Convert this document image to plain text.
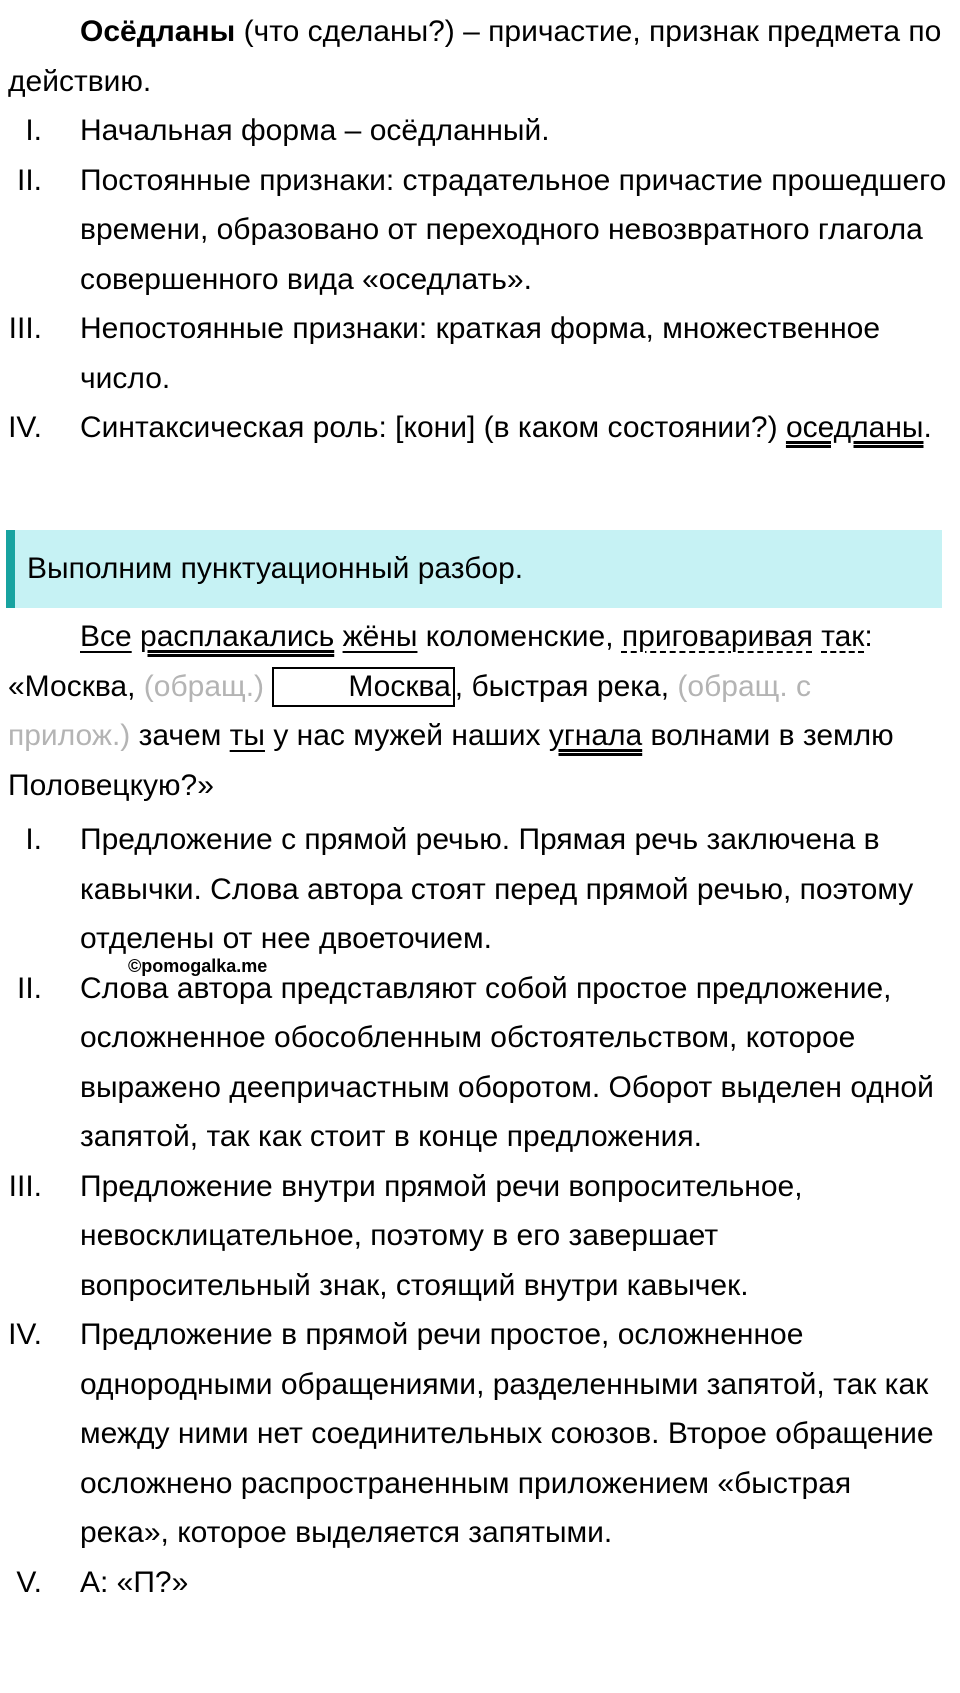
Осёдланы (что сделаны?) – причастие, признак предмета по действию.

I. Начальная форма – осёдланный.
II. Постоянные признаки: страдательное причастие прошедшего времени, образовано от переходного невозвратного глагола совершенного вида «оседлать».
III. Непостоянные признаки: краткая форма, множественное число.
IV. Синтаксическая роль: [кони] (в каком состоянии?) оседланы.
Выполним пунктуационный разбор.

Все расплакались жёны коломенские, приговаривая так: «Москва, (обращ.)	Москва , быстрая река, (обращ. с прилож.) зачем ты у нас мужей наших угнала волнами в землю Половецкую?»

I. Предложение с прямой речью. Прямая речь заключена в кавычки. Слова автора стоят перед прямой речью, поэтому отделены от нее двоеточием.
II. Слова автора представляют собой простое предложение, осложненное обособленным обстоятельством, которое выражено деепричастным оборотом. Оборот выделен одной запятой, так как стоит в конце предложения.
III. Предложение внутри прямой речи вопросительное, невосклицательное, поэтому в его завершает вопросительный знак, стоящий внутри кавычек.
IV. Предложение в прямой речи простое, осложненное однородными обращениями, разделенными запятой, так как между ними нет соединительных союзов. Второе обращение осложнено распространенным приложением «быстрая река», которое выделяется запятыми.
V. А: «П?»
©pomogalka.me
